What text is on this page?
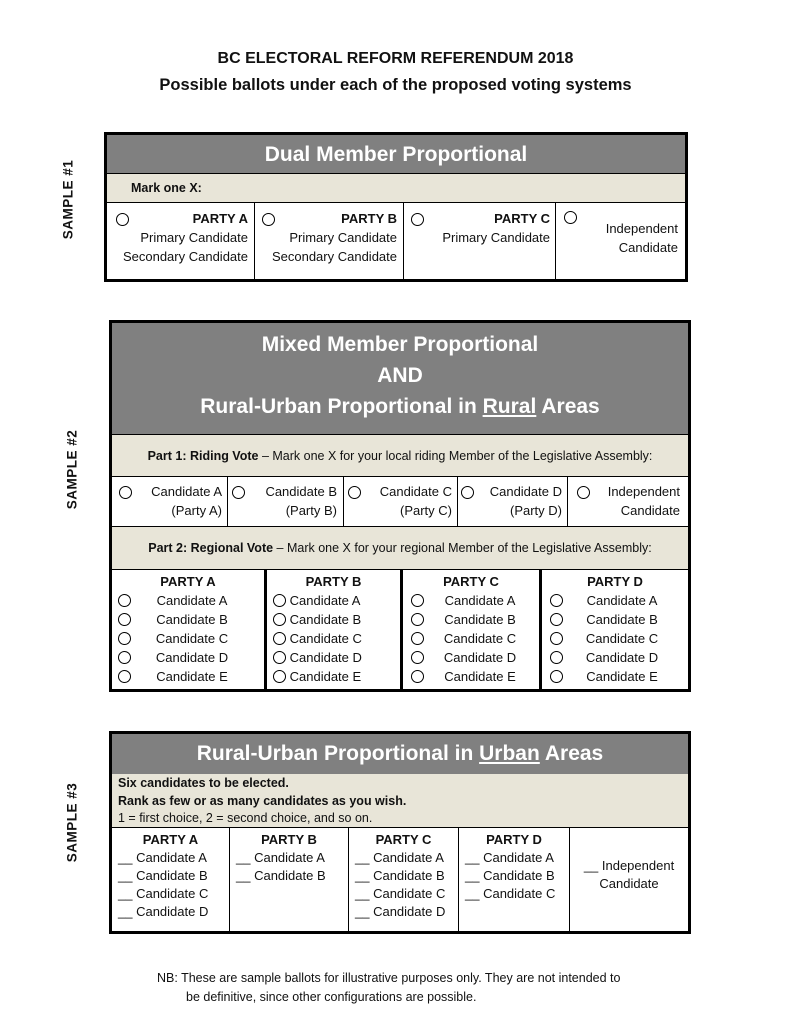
BC ELECTORAL REFORM REFERENDUM 2018
Possible ballots under each of the proposed voting systems
SAMPLE #1
Dual Member Proportional
Mark one X:
PARTY A
Primary Candidate
Secondary Candidate
PARTY B
Primary Candidate
Secondary Candidate
PARTY C
Primary Candidate
Independent
Candidate
SAMPLE #2
Mixed Member Proportional
AND
Rural-Urban Proportional in Rural Areas
Part 1: Riding Vote – Mark one X for your local riding Member of the Legislative Assembly:
Candidate A
(Party A)
Candidate B
(Party B)
Candidate C
(Party C)
Candidate D
(Party D)
Independent
Candidate
Part 2: Regional Vote – Mark one X for your regional Member of the Legislative Assembly:
PARTY A
Candidate A
Candidate B
Candidate C
Candidate D
Candidate E
PARTY B
Candidate A
Candidate B
Candidate C
Candidate D
Candidate E
PARTY C
Candidate A
Candidate B
Candidate C
Candidate D
Candidate E
PARTY D
Candidate A
Candidate B
Candidate C
Candidate D
Candidate E
SAMPLE #3
Rural-Urban Proportional in Urban Areas
Six candidates to be elected.
Rank as few or as many candidates as you wish.
1 = first choice, 2 = second choice, and so on.
PARTY A
__ Candidate A
__ Candidate B
__ Candidate C
__ Candidate D
PARTY B
__ Candidate A
__ Candidate B
PARTY C
__ Candidate A
__ Candidate B
__ Candidate C
__ Candidate D
PARTY D
__ Candidate A
__ Candidate B
__ Candidate C
__ Independent
Candidate
NB: These are sample ballots for illustrative purposes only. They are not intended to
be definitive, since other configurations are possible.
